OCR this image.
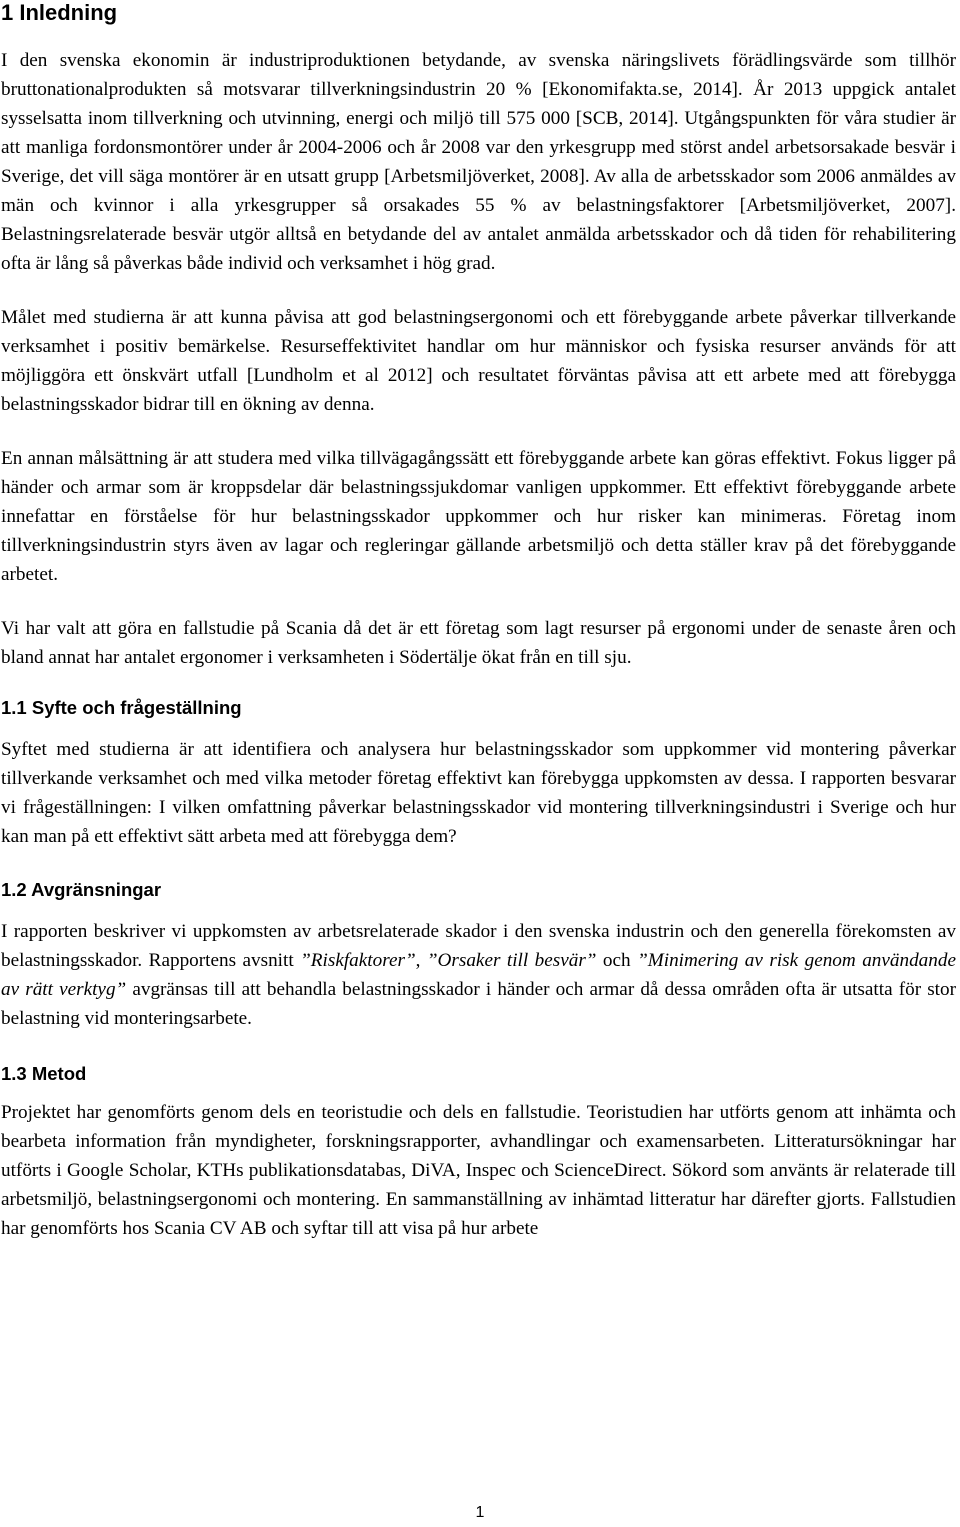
1 Inledning

I den svenska ekonomin är industriproduktionen betydande, av svenska näringslivets förädlingsvärde som tillhör bruttonationalprodukten så motsvarar tillverkningsindustrin 20 % [Ekonomifakta.se, 2014]. År 2013 uppgick antalet sysselsatta inom tillverkning och utvinning, energi och miljö till 575 000 [SCB, 2014]. Utgångspunkten för våra studier är att manliga fordonsmontörer under år 2004-2006 och år 2008 var den yrkesgrupp med störst andel arbetsorsakade besvär i Sverige, det vill säga montörer är en utsatt grupp [Arbetsmiljöverket, 2008]. Av alla de arbetsskador som 2006 anmäldes av män och kvinnor i alla yrkesgrupper så orsakades 55 % av belastningsfaktorer [Arbetsmiljöverket, 2007]. Belastningsrelaterade besvär utgör alltså en betydande del av antalet anmälda arbetsskador och då tiden för rehabilitering ofta är lång så påverkas både individ och verksamhet i hög grad.

Målet med studierna är att kunna påvisa att god belastningsergonomi och ett förebyggande arbete påverkar tillverkande verksamhet i positiv bemärkelse. Resurseffektivitet handlar om hur människor och fysiska resurser används för att möjliggöra ett önskvärt utfall [Lundholm et al 2012] och resultatet förväntas påvisa att ett arbete med att förebygga belastningsskador bidrar till en ökning av denna.

En annan målsättning är att studera med vilka tillvägagångssätt ett förebyggande arbete kan göras effektivt. Fokus ligger på händer och armar som är kroppsdelar där belastningssjukdomar vanligen uppkommer. Ett effektivt förebyggande arbete innefattar en förståelse för hur belastningsskador uppkommer och hur risker kan minimeras. Företag inom tillverkningsindustrin styrs även av lagar och regleringar gällande arbetsmiljö och detta ställer krav på det förebyggande arbetet.

Vi har valt att göra en fallstudie på Scania då det är ett företag som lagt resurser på ergonomi under de senaste åren och bland annat har antalet ergonomer i verksamheten i Södertälje ökat från en till sju.

1.1 Syfte och frågeställning

Syftet med studierna är att identifiera och analysera hur belastningsskador som uppkommer vid montering påverkar tillverkande verksamhet och med vilka metoder företag effektivt kan förebygga uppkomsten av dessa. I rapporten besvarar vi frågeställningen: I vilken omfattning påverkar belastningsskador vid montering tillverkningsindustri i Sverige och hur kan man på ett effektivt sätt arbeta med att förebygga dem?

1.2 Avgränsningar

I rapporten beskriver vi uppkomsten av arbetsrelaterade skador i den svenska industrin och den generella förekomsten av belastningsskador. Rapportens avsnitt ”Riskfaktorer”, ”Orsaker till besvär” och ”Minimering av risk genom användande av rätt verktyg” avgränsas till att behandla belastningsskador i händer och armar då dessa områden ofta är utsatta för stor belastning vid monteringsarbete.

1.3 Metod

Projektet har genomförts genom dels en teoristudie och dels en fallstudie. Teoristudien har utförts genom att inhämta och bearbeta information från myndigheter, forskningsrapporter, avhandlingar och examensarbeten. Litteratursökningar har utförts i Google Scholar, KTHs publikationsdatabas, DiVA, Inspec och ScienceDirect. Sökord som använts är relaterade till arbetsmiljö, belastningsergonomi och montering. En sammanställning av inhämtad litteratur har därefter gjorts. Fallstudien har genomförts hos Scania CV AB och syftar till att visa på hur arbete

1
